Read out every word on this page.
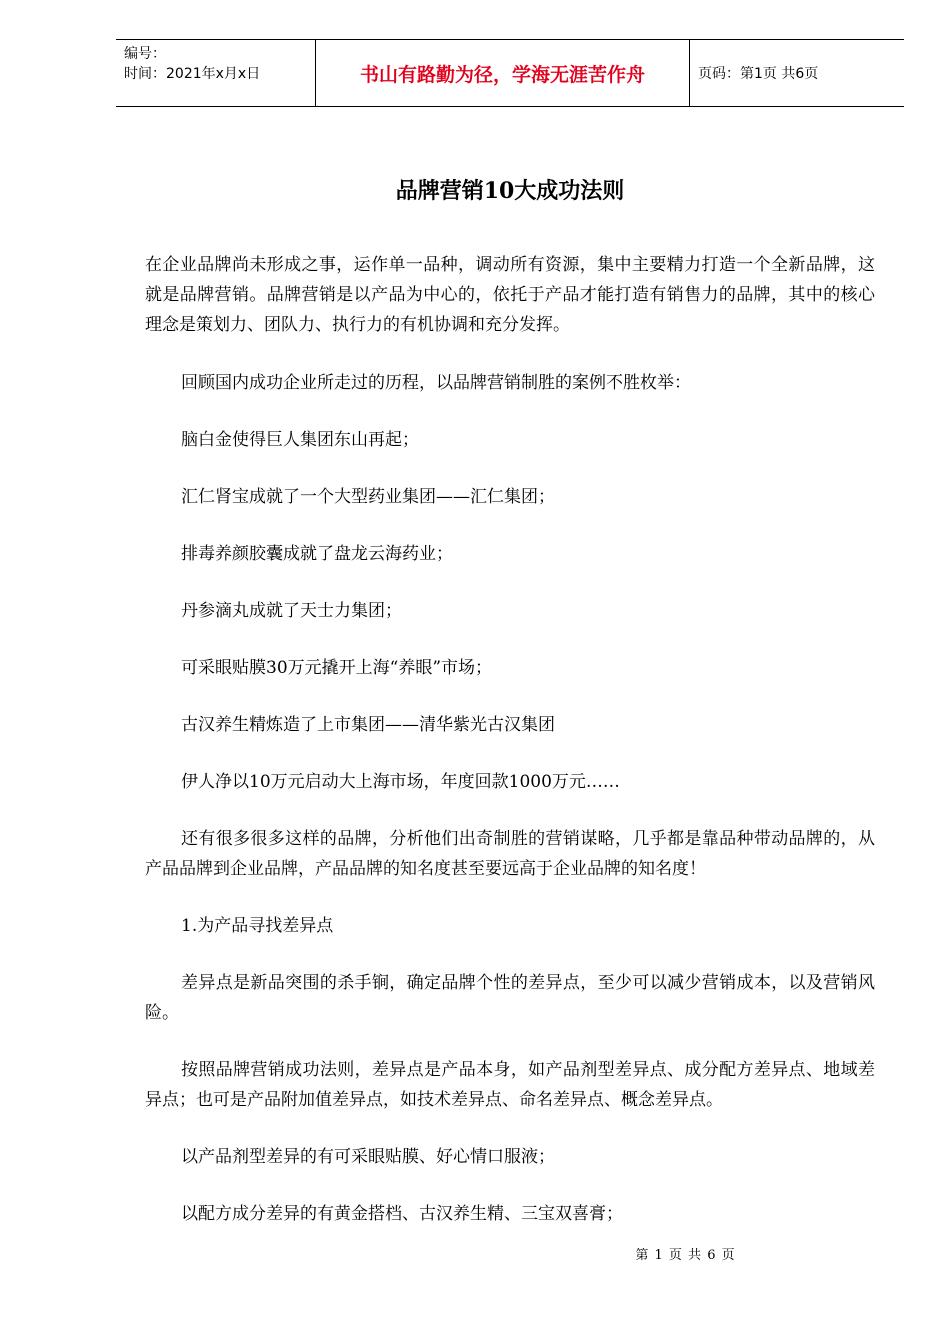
编号：
时间：2021年x月x日	书山有路勤为径，学海无涯苦作舟	页码：第1页 共6页
品牌营销10大成功法则

在企业品牌尚未形成之事，运作单一品种，调动所有资源，集中主要精力打造一个全新品牌，这就是品牌营销。品牌营销是以产品为中心的，依托于产品才能打造有销售力的品牌，其中的核心理念是策划力、团队力、执行力的有机协调和充分发挥。

回顾国内成功企业所走过的历程，以品牌营销制胜的案例不胜枚举：

脑白金使得巨人集团东山再起；

汇仁肾宝成就了一个大型药业集团——汇仁集团；

排毒养颜胶囊成就了盘龙云海药业；

丹参滴丸成就了天士力集团；

可采眼贴膜30万元撬开上海“养眼”市场；

古汉养生精炼造了上市集团——清华紫光古汉集团

伊人净以10万元启动大上海市场，年度回款1000万元……

还有很多很多这样的品牌，分析他们出奇制胜的营销谋略，几乎都是靠品种带动品牌的，从产品品牌到企业品牌，产品品牌的知名度甚至要远高于企业品牌的知名度！

1.为产品寻找差异点

差异点是新品突围的杀手锏，确定品牌个性的差异点，至少可以减少营销成本，以及营销风险。

按照品牌营销成功法则，差异点是产品本身，如产品剂型差异点、成分配方差异点、地域差异点；也可是产品附加值差异点，如技术差异点、命名差异点、概念差异点。

以产品剂型差异的有可采眼贴膜、好心情口服液；

以配方成分差异的有黄金搭档、古汉养生精、三宝双喜膏；

第 1 页 共 6 页
